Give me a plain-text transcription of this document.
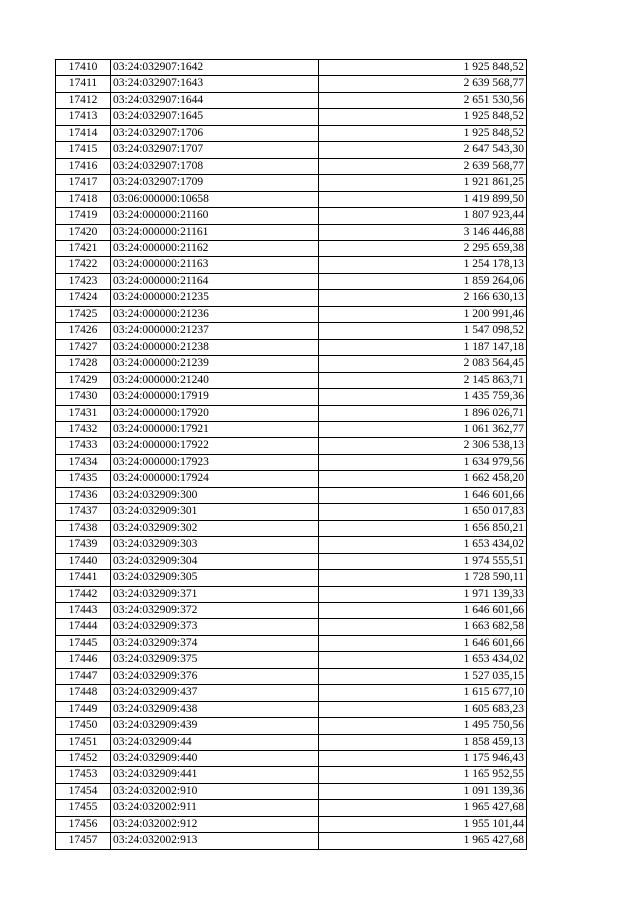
17410	03:24:032907:1642	1 925 848,52
17411	03:24:032907:1643	2 639 568,77
17412	03:24:032907:1644	2 651 530,56
17413	03:24:032907:1645	1 925 848,52
17414	03:24:032907:1706	1 925 848,52
17415	03:24:032907:1707	2 647 543,30
17416	03:24:032907:1708	2 639 568,77
17417	03:24:032907:1709	1 921 861,25
17418	03:06:000000:10658	1 419 899,50
17419	03:24:000000:21160	1 807 923,44
17420	03:24:000000:21161	3 146 446,88
17421	03:24:000000:21162	2 295 659,38
17422	03:24:000000:21163	1 254 178,13
17423	03:24:000000:21164	1 859 264,06
17424	03:24:000000:21235	2 166 630,13
17425	03:24:000000:21236	1 200 991,46
17426	03:24:000000:21237	1 547 098,52
17427	03:24:000000:21238	1 187 147,18
17428	03:24:000000:21239	2 083 564,45
17429	03:24:000000:21240	2 145 863,71
17430	03:24:000000:17919	1 435 759,36
17431	03:24:000000:17920	1 896 026,71
17432	03:24:000000:17921	1 061 362,77
17433	03:24:000000:17922	2 306 538,13
17434	03:24:000000:17923	1 634 979,56
17435	03:24:000000:17924	1 662 458,20
17436	03:24:032909:300	1 646 601,66
17437	03:24:032909:301	1 650 017,83
17438	03:24:032909:302	1 656 850,21
17439	03:24:032909:303	1 653 434,02
17440	03:24:032909:304	1 974 555,51
17441	03:24:032909:305	1 728 590,11
17442	03:24:032909:371	1 971 139,33
17443	03:24:032909:372	1 646 601,66
17444	03:24:032909:373	1 663 682,58
17445	03:24:032909:374	1 646 601,66
17446	03:24:032909:375	1 653 434,02
17447	03:24:032909:376	1 527 035,15
17448	03:24:032909:437	1 615 677,10
17449	03:24:032909:438	1 605 683,23
17450	03:24:032909:439	1 495 750,56
17451	03:24:032909:44	1 858 459,13
17452	03:24:032909:440	1 175 946,43
17453	03:24:032909:441	1 165 952,55
17454	03:24:032002:910	1 091 139,36
17455	03:24:032002:911	1 965 427,68
17456	03:24:032002:912	1 955 101,44
17457	03:24:032002:913	1 965 427,68
